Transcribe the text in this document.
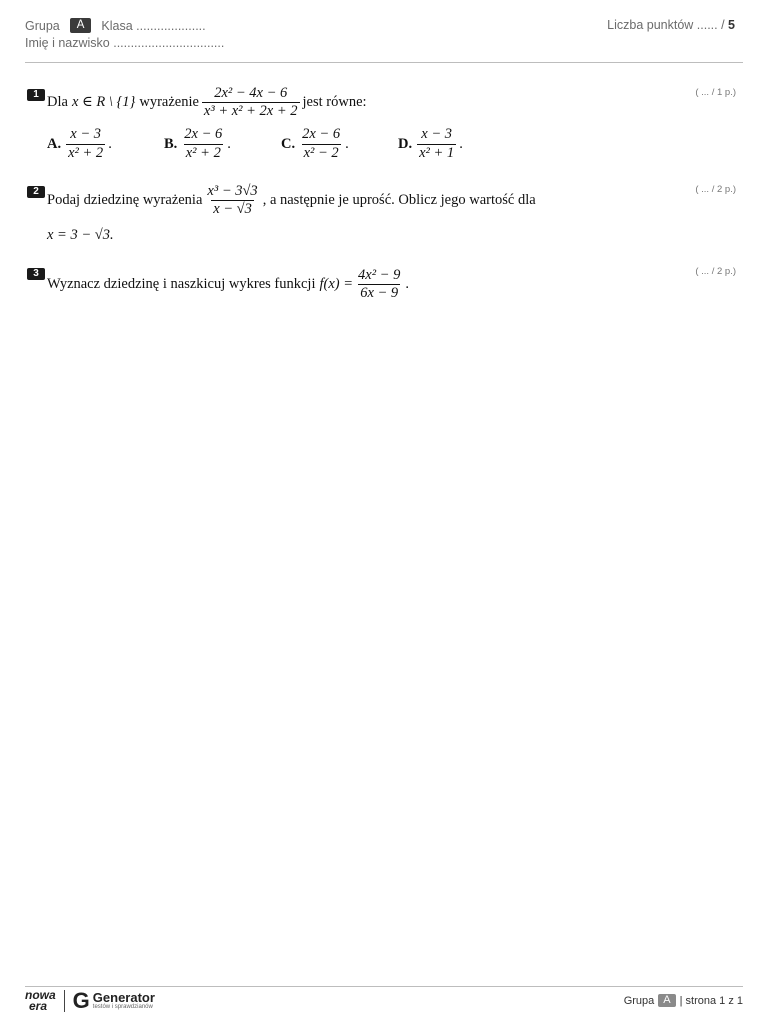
Grupa	A	Klasa ....................
Imię i nazwisko ................................
Liczba punktów ...... / 5
1	( ... / 1 p.)
Dla x ∈ R \ {1} wyrażenie $\frac{\text{2x² − 4x − 6}}{\text{x³ + x² + 2x + 2}}$ jest równe:
A. $\frac{x - 3}{\text{x² + 2}}$ .	B. $\frac{2x - 6}{\text{x² + 2}}$ .	C. $\frac{2x - 6}{\text{x² − 2}}$ .	D. $\frac{x - 3}{\text{x² + 1}}$ .
2	( ... / 2 p.)
Podaj dziedzinę wyrażenia $\frac{\text{x³ − 3√3}}{x - √3}$ , a następnie je uprość. Oblicz jego wartość dla
x = 3 − √3.
3	( ... / 2 p.)
Wyznacz dziedzinę i naszkicuj wykres funkcji $f(x) = \frac{\text{4x² − 9}}{6x - 9}$ .
nowa
era	G Generator
testów i sprawdzianów
Grupa A | strona 1 z 1
